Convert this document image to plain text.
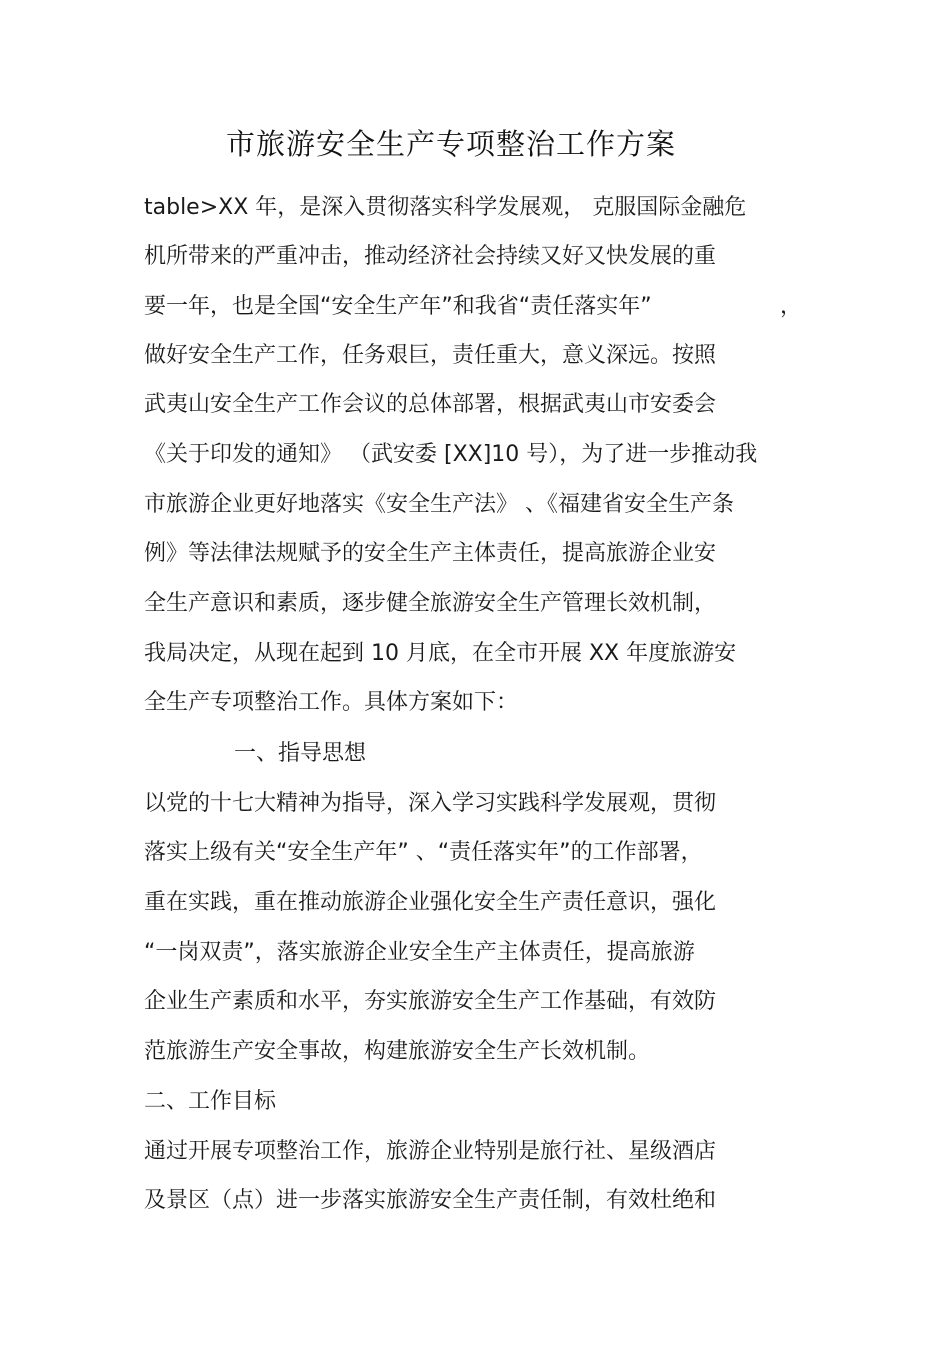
市旅游安全生产专项整治工作方案
table>XX 年，是深入贯彻落实科学发展观， 克服国际金融危
机所带来的严重冲击，推动经济社会持续又好又快发展的重
要一年，也是全国“安全生产年”和我省“责任落实年”	，
做好安全生产工作，任务艰巨，责任重大，意义深远。按照
武夷山安全生产工作会议的总体部署，根据武夷山市安委会
《关于印发的通知》 （武安委 [XX]10 号），为了进一步推动我
市旅游企业更好地落实《安全生产法》 、《福建省安全生产条
例》等法律法规赋予的安全生产主体责任，提高旅游企业安
全生产意识和素质，逐步健全旅游安全生产管理长效机制，
我局决定，从现在起到 10 月底，在全市开展 XX 年度旅游安
全生产专项整治工作。具体方案如下：
一、指导思想
以党的十七大精神为指导，深入学习实践科学发展观，贯彻
落实上级有关“安全生产年” 、“责任落实年”的工作部署，
重在实践，重在推动旅游企业强化安全生产责任意识，强化
“一岗双责”，落实旅游企业安全生产主体责任，提高旅游
企业生产素质和水平，夯实旅游安全生产工作基础，有效防
范旅游生产安全事故，构建旅游安全生产长效机制。
二、工作目标
通过开展专项整治工作，旅游企业特别是旅行社、星级酒店
及景区（点）进一步落实旅游安全生产责任制，有效杜绝和
